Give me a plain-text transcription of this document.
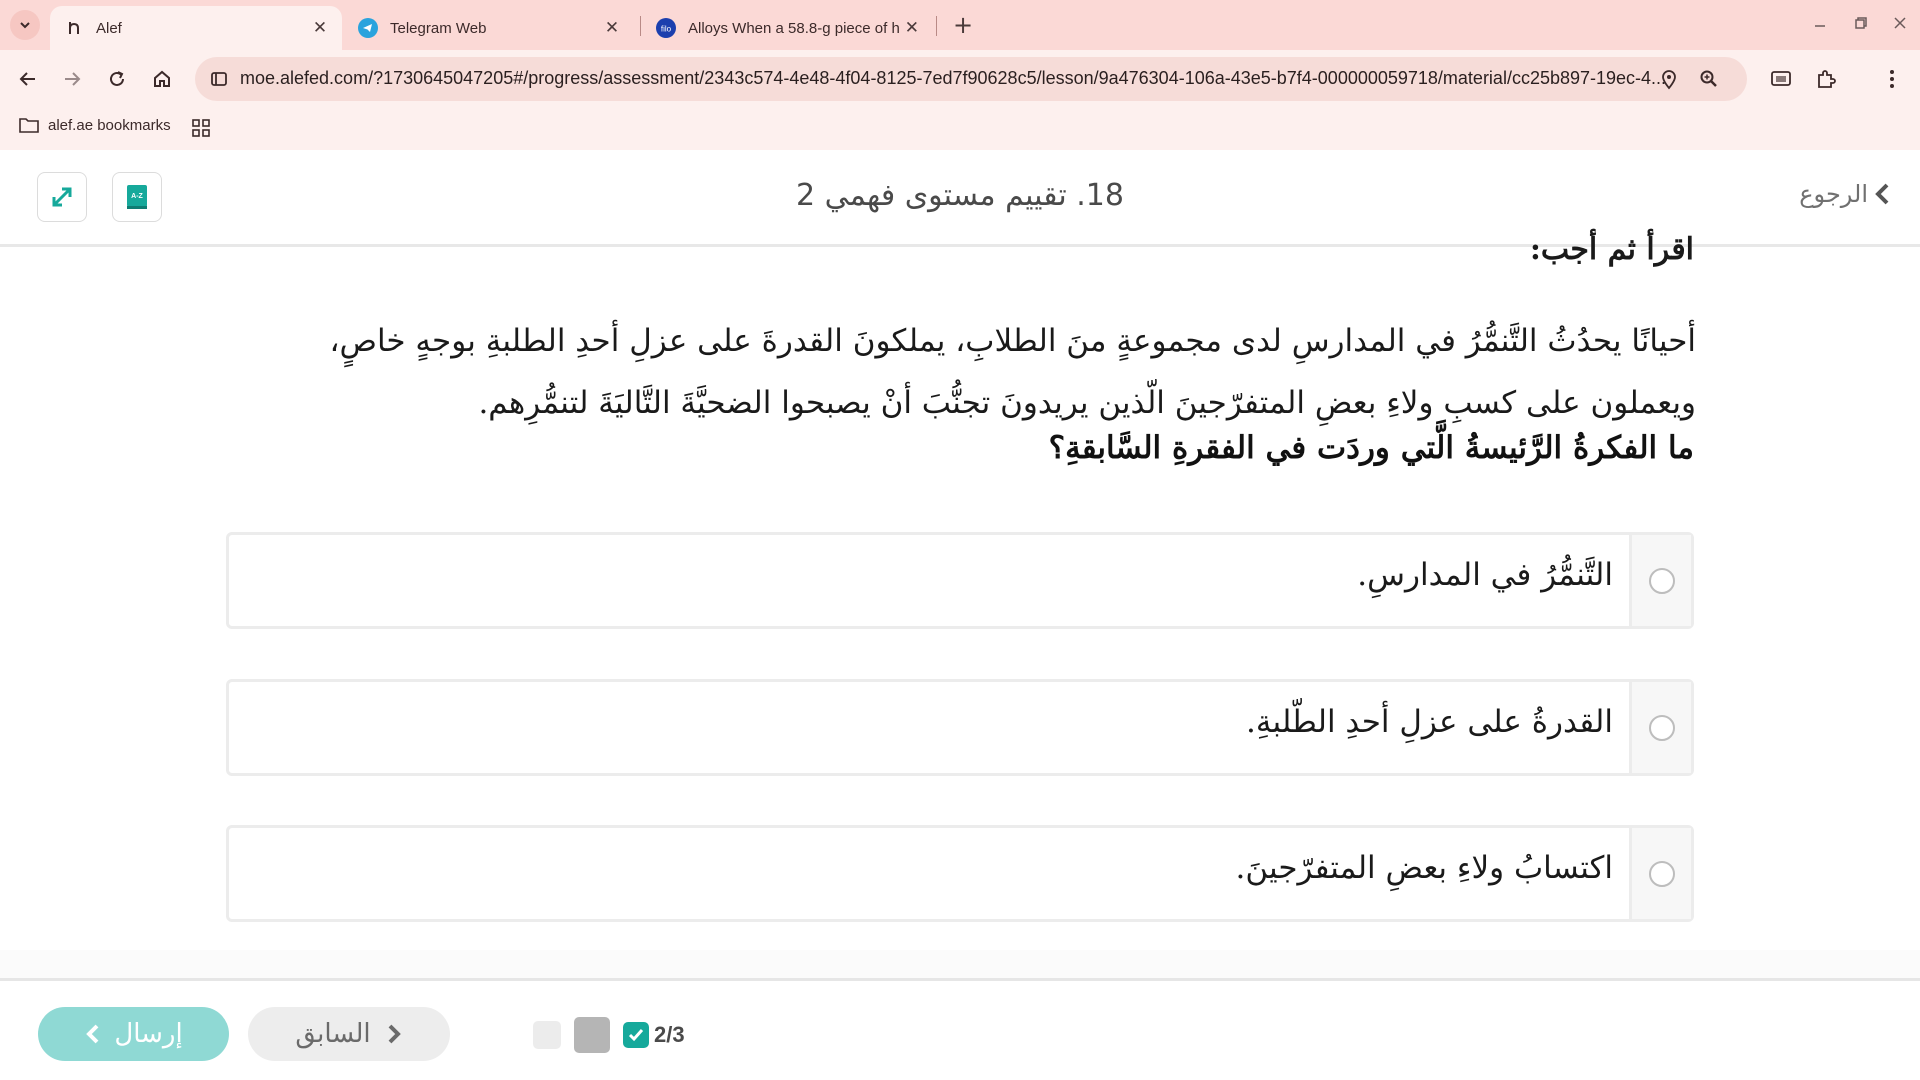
Alef	✕	Telegram Web	✕	filo Alloys When a 58.8-g piece of h ✕ +
moe.alefed.com/?1730645047205#/progress/assessment/2343c574-4e48-4f04-8125-7ed7f90628c5/lesson/9a476304-106a-43e5-b7f4-000000059718/material/cc25b897-19ec-4...
alef.ae bookmarks
A-Z	18. تقييم مستوى فهمي 2	الرجوع
اقرأ ثم أجب:
أحيانًا يحدُثُ التَّنمُّرُ في المدارسِ لدى مجموعةٍ منَ الطلابِ، يملكونَ القدرةَ على عزلِ أحدِ الطلبةِ بوجهٍ خاصٍ، ويعملون على كسبِ ولاءِ بعضِ المتفرّجينَ الّذين يريدونَ تجنُّبَ أنْ يصبحوا الضحيَّةَ التَّاليَةَ لتنمُّرِهم.
ما الفكرةُ الرَّئيسةُ الَّتي وردَت في الفقرةِ السَّابقةِ؟
التَّنمُّرُ في المدارسِ.
القدرةُ على عزلِ أحدِ الطّلبةِ.
اكتسابُ ولاءِ بعضِ المتفرّجينَ.
إرسال	السابق	2/3
